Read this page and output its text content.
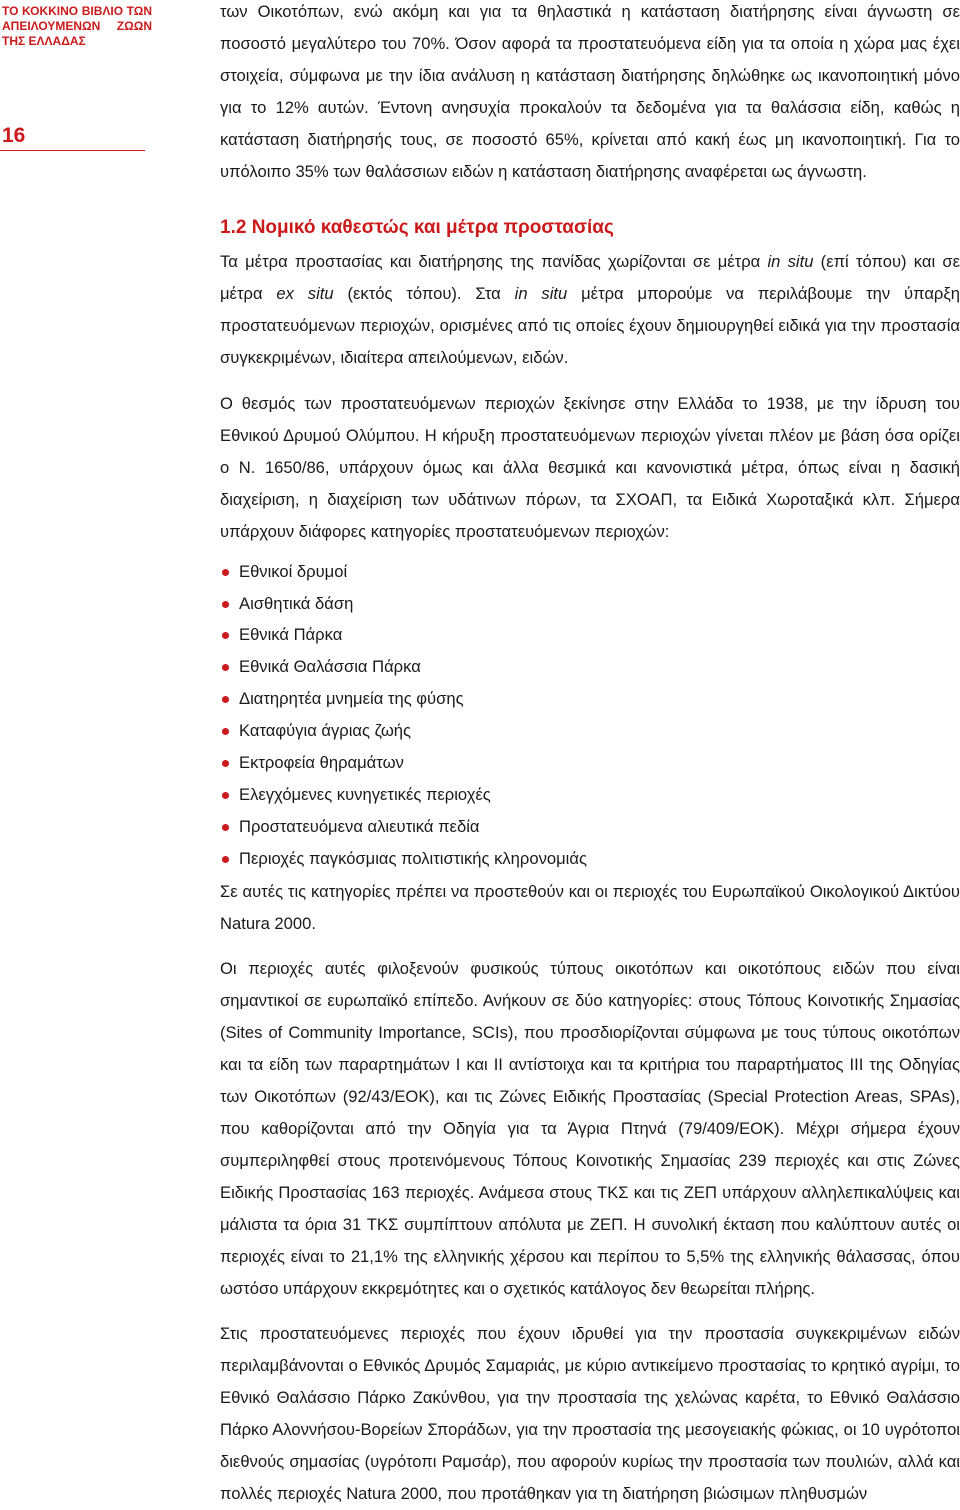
ΤΟ ΚΟΚΚΙΝΟ ΒΙΒΛΙΟ ΤΩΝ ΑΠΕΙΛΟΥΜΕΝΩΝ ΖΩΩΝ ΤΗΣ ΕΛΛΑΔΑΣ

16

των Οικοτόπων, ενώ ακόμη και για τα θηλαστικά η κατάσταση διατήρησης είναι άγνωστη σε ποσοστό μεγαλύτερο του 70%. Όσον αφορά τα προστατευόμενα είδη για τα οποία η χώρα μας έχει στοιχεία, σύμφωνα με την ίδια ανάλυση η κατάσταση διατήρησης δηλώθηκε ως ικανοποιητική μόνο για το 12% αυτών. Έντονη ανησυχία προκαλούν τα δεδομένα για τα θαλάσσια είδη, καθώς η κατάσταση διατήρησής τους, σε ποσοστό 65%, κρίνεται από κακή έως μη ικανοποιητική. Για το υπόλοιπο 35% των θαλάσσιων ειδών η κατάσταση διατήρησης αναφέρεται ως άγνωστη.

1.2 Νομικό καθεστώς και μέτρα προστασίας

Τα μέτρα προστασίας και διατήρησης της πανίδας χωρίζονται σε μέτρα in situ (επί τόπου) και σε μέτρα ex situ (εκτός τόπου). Στα in situ μέτρα μπορούμε να περιλάβουμε την ύπαρξη προστατευόμενων περιοχών, ορισμένες από τις οποίες έχουν δημιουργηθεί ειδικά για την προστασία συγκεκριμένων, ιδιαίτερα απειλούμενων, ειδών.

Ο θεσμός των προστατευόμενων περιοχών ξεκίνησε στην Ελλάδα το 1938, με την ίδρυση του Εθνικού Δρυμού Ολύμπου. Η κήρυξη προστατευόμενων περιοχών γίνεται πλέον με βάση όσα ορίζει ο Ν. 1650/86, υπάρχουν όμως και άλλα θεσμικά και κανονιστικά μέτρα, όπως είναι η δασική διαχείριση, η διαχείριση των υδάτινων πόρων, τα ΣΧΟΑΠ, τα Ειδικά Χωροταξικά κλπ. Σήμερα υπάρχουν διάφορες κατηγορίες προστατευόμενων περιοχών:

Εθνικοί δρυμοί
Αισθητικά δάση
Εθνικά Πάρκα
Εθνικά Θαλάσσια Πάρκα
Διατηρητέα μνημεία της φύσης
Καταφύγια άγριας ζωής
Εκτροφεία θηραμάτων
Ελεγχόμενες κυνηγετικές περιοχές
Προστατευόμενα αλιευτικά πεδία
Περιοχές παγκόσμιας πολιτιστικής κληρονομιάς

Σε αυτές τις κατηγορίες πρέπει να προστεθούν και οι περιοχές του Ευρωπαϊκού Οικολογικού Δικτύου Natura 2000.

Οι περιοχές αυτές φιλοξενούν φυσικούς τύπους οικοτόπων και οικοτόπους ειδών που είναι σημαντικοί σε ευρωπαϊκό επίπεδο. Ανήκουν σε δύο κατηγορίες: στους Τόπους Κοινοτικής Σημασίας (Sites of Community Importance, SCIs), που προσδιορίζονται σύμφωνα με τους τύπους οικοτόπων και τα είδη των παραρτημάτων Ι και ΙΙ αντίστοιχα και τα κριτήρια του παραρτήματος ΙΙΙ της Οδηγίας των Οικοτόπων (92/43/ΕΟΚ), και τις Ζώνες Ειδικής Προστασίας (Special Protection Areas, SPAs), που καθορίζονται από την Οδηγία για τα Άγρια Πτηνά (79/409/ΕΟΚ). Μέχρι σήμερα έχουν συμπεριληφθεί στους προτεινόμενους Τόπους Κοινοτικής Σημασίας 239 περιοχές και στις Ζώνες Ειδικής Προστασίας 163 περιοχές. Ανάμεσα στους ΤΚΣ και τις ΖΕΠ υπάρχουν αλληλεπικαλύψεις και μάλιστα τα όρια 31 ΤΚΣ συμπίπτουν απόλυτα με ΖΕΠ. Η συνολική έκταση που καλύπτουν αυτές οι περιοχές είναι το 21,1% της ελληνικής χέρσου και περίπου το 5,5% της ελληνικής θάλασσας, όπου ωστόσο υπάρχουν εκκρεμότητες και ο σχετικός κατάλογος δεν θεωρείται πλήρης.

Στις προστατευόμενες περιοχές που έχουν ιδρυθεί για την προστασία συγκεκριμένων ειδών περιλαμβάνονται ο Εθνικός Δρυμός Σαμαριάς, με κύριο αντικείμενο προστασίας το κρητικό αγρίμι, το Εθνικό Θαλάσσιο Πάρκο Ζακύνθου, για την προστασία της χελώνας καρέτα, το Εθνικό Θαλάσσιο Πάρκο Αλοννήσου-Βορείων Σποράδων, για την προστασία της μεσογειακής φώκιας, οι 10 υγρότοποι διεθνούς σημασίας (υγρότοπι Ραμσάρ), που αφορούν κυρίως την προστασία των πουλιών, αλλά και πολλές περιοχές Natura 2000, που προτάθηκαν για τη διατήρηση βιώσιμων πληθυσμών
